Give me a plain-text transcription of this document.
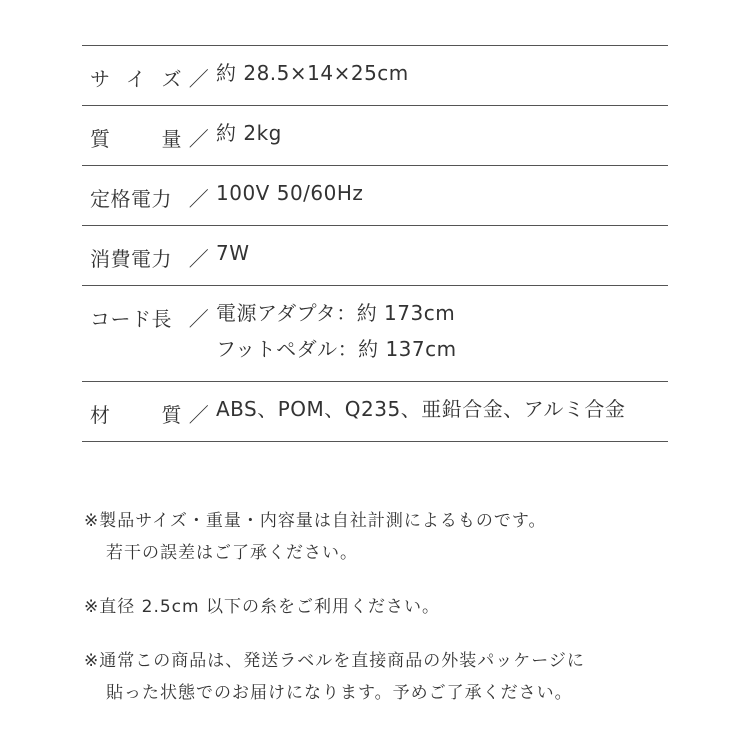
サ イ ズ ／ 約 28.5×14×25cm
質	量 ／ 約 2kg
定格電力 ／ 100V 50/60Hz
消費電力 ／ 7W
コード長 ／ 電源アダプタ：約 173cm
フットペダル：約 137cm
材	質 ／ ABS、POM、Q235、亜鉛合金、アルミ合金

※製品サイズ・重量・内容量は自社計測によるものです。
若干の誤差はご了承ください。

※直径 2.5cm 以下の糸をご利用ください。

※通常この商品は、発送ラベルを直接商品の外装パッケージに
貼った状態でのお届けになります。予めご了承ください。
